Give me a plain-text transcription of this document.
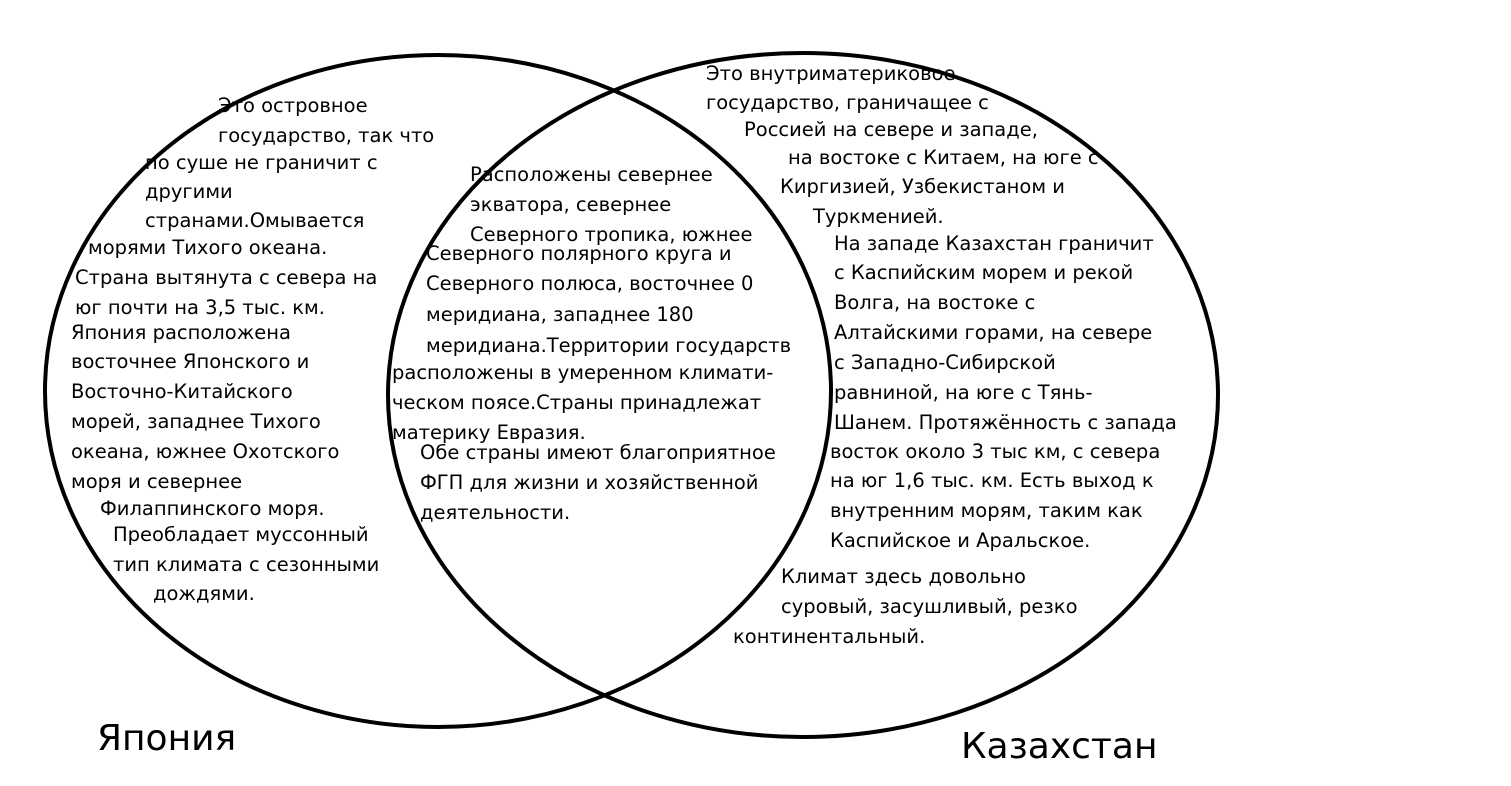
Это островное

государство, так что

по суше не граничит с

другими

странами.Омывается

морями Тихого океана.

Страна вытянута с севера на

юг почти на 3,5 тыс. км.

Япония расположена

восточнее Японского и

Восточно-Китайского

морей, западнее Тихого

океана, южнее Охотского

моря и севернее

Филаппинского моря.

Преобладает муссонный

тип климата с сезонными

дождями.

Расположены севернее

экватора, севернее

Северного тропика, южнее

Северного полярного круга и

Северного полюса, восточнее 0

меридиана, западнее 180

меридиана.Территории государств

расположены в умеренном климати-

ческом поясе.Страны принадлежат

материку Евразия.

Обе страны имеют благоприятное

ФГП для жизни и хозяйственной

деятельности.

Это внутриматериковое

государство, граничащее с

Россией на севере и западе,

на востоке с Китаем, на юге с

Киргизией, Узбекистаном и

Туркменией.

На западе Казахстан граничит

с Каспийским морем и рекой

Волга, на востоке с

Алтайскими горами, на севере

с Западно-Сибирской

равниной, на юге с Тянь-

Шанем. Протяжённость с запада

восток около 3 тыс км, с севера

на юг 1,6 тыс. км. Есть выход к

внутренним морям, таким как

Каспийское и Аральское.

Климат здесь довольно

суровый, засушливый, резко

континентальный.

Япония	Казахстан
